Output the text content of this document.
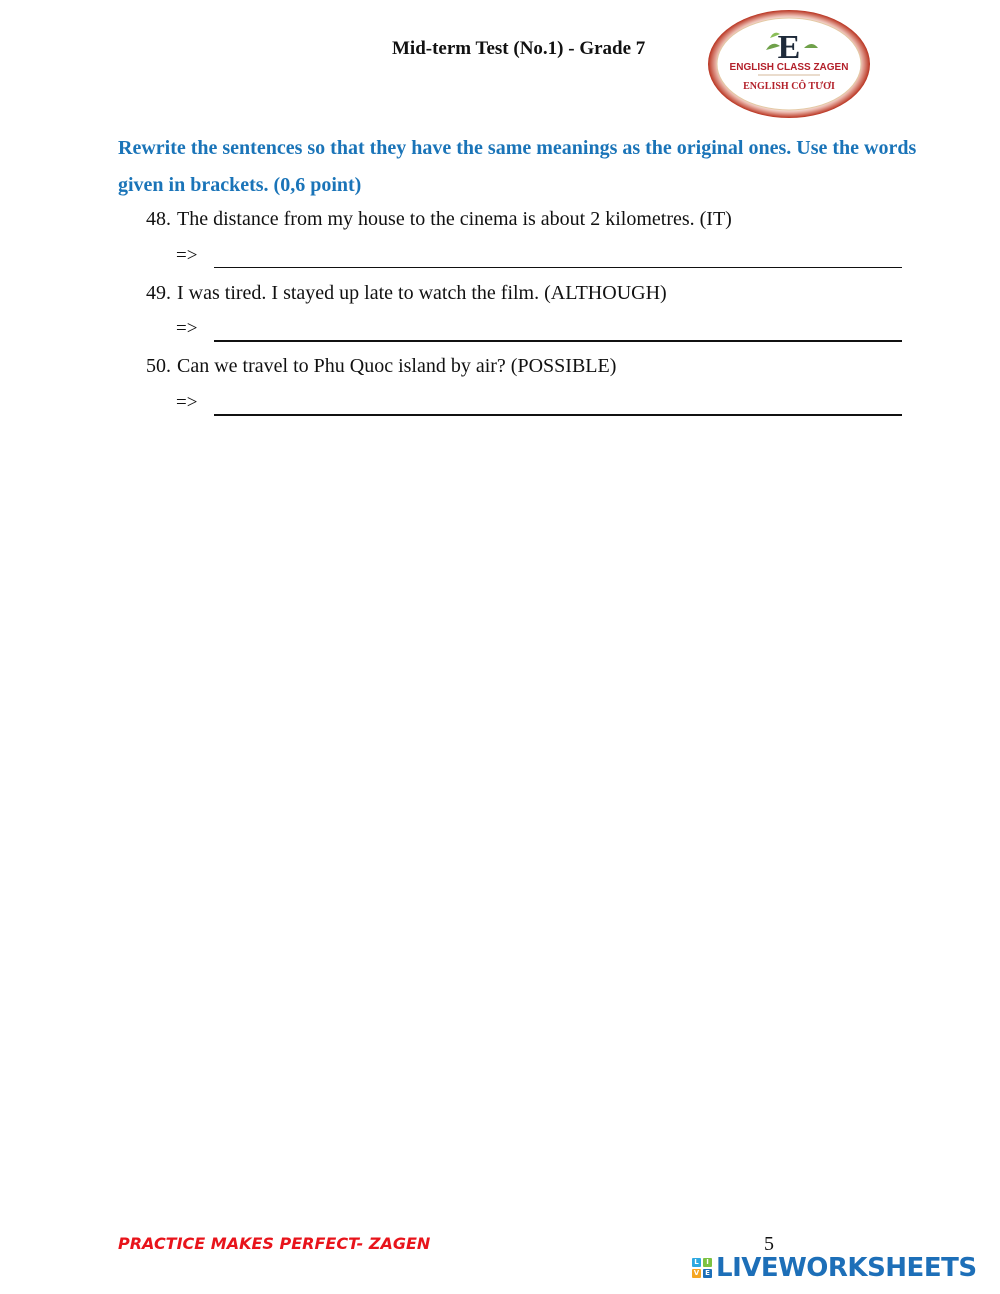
Mid-term Test (No.1) - Grade 7	E
ENGLISH CLASS ZAGEN
ENGLISH CÔ TƯƠI
Rewrite the sentences so that they have the same meanings as the original ones. Use the words given in brackets. (0,6 point)
48. The distance from my house to the cinema is about 2 kilometres. (IT)
=>
49. I was tired. I stayed up late to watch the film. (ALTHOUGH)
=>
50. Can we travel to Phu Quoc island by air? (POSSIBLE)
=>
PRACTICE MAKES PERFECT- ZAGEN	5
L	I
V E LIVEWORKSHEETS
